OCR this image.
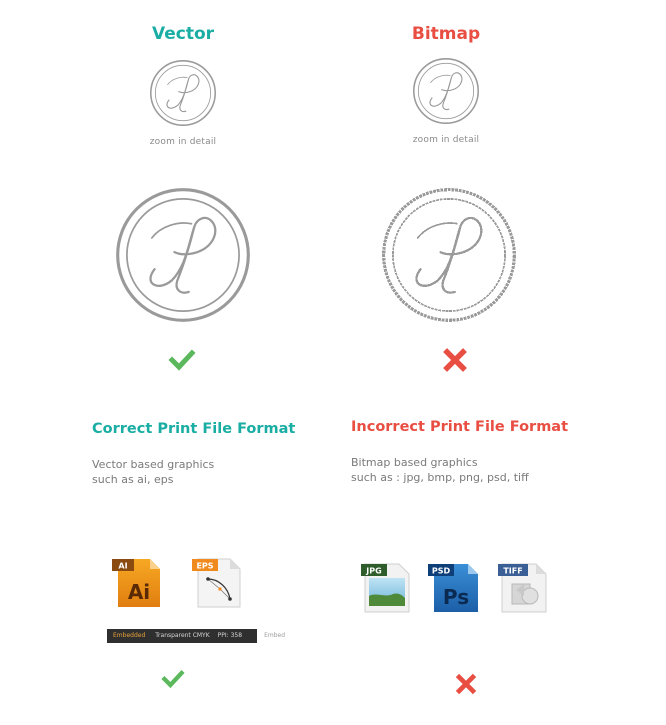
Vector	Bitmap
zoom in detail	zoom in detail
Correct Print File Format	Incorrect Print File Format
Vector based graphics
such as ai, eps
Bitmap based graphics
such as : jpg, bmp, png, psd, tiff
AI
Ai
EPS
Embedded Transparent CMYK PPI: 358	Embed
JPG	PSD
Ps
TIFF
